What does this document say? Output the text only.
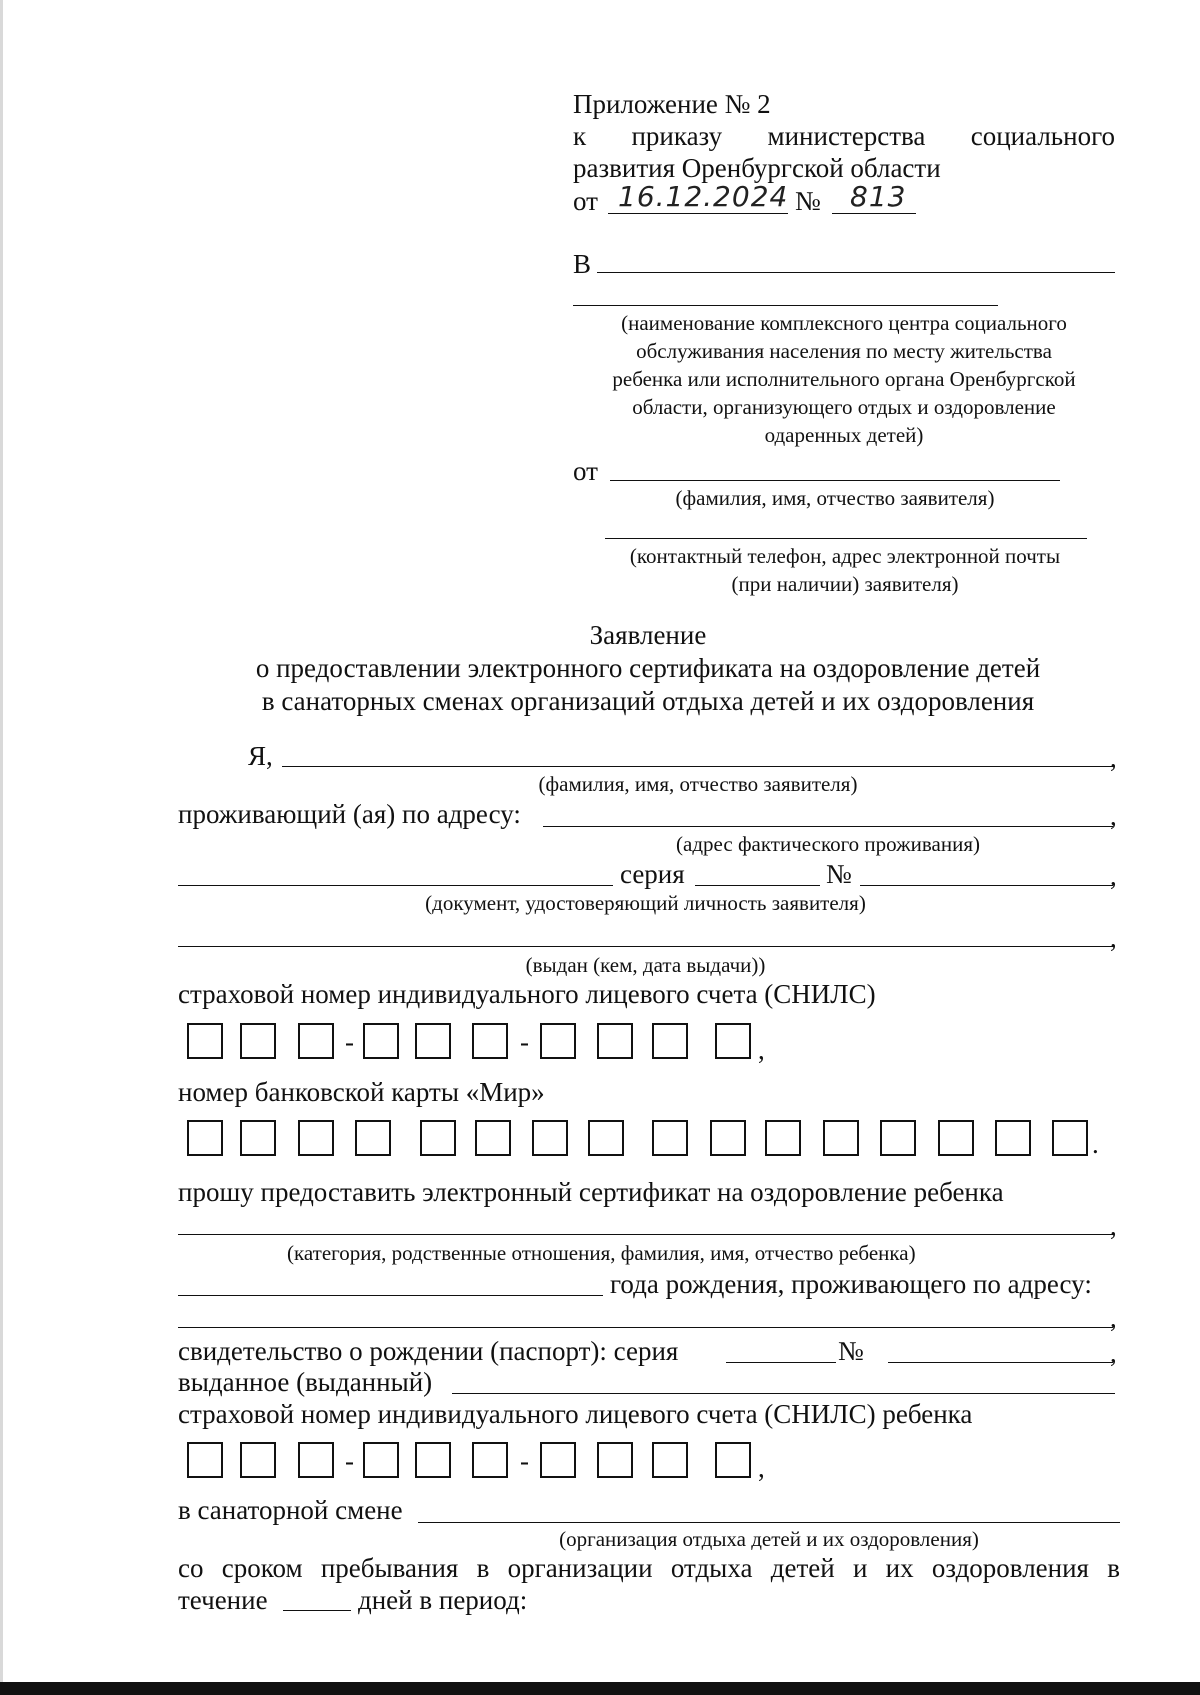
Приложение № 2
к приказу министерства социального
развития Оренбургской области
от 16.12.2024 № 813
В
(наименование комплексного центра социального
обслуживания населения по месту жительства
ребенка или исполнительного органа Оренбургской
области, организующего отдых и оздоровление
одаренных детей)
от
(фамилия, имя, отчество заявителя)
(контактный телефон, адрес электронной почты
(при наличии) заявителя)
Заявление
о предоставлении электронного сертификата на оздоровление детей
в санаторных сменах организаций отдыха детей и их оздоровления
Я,	,
(фамилия, имя, отчество заявителя)
проживающий (ая) по адресу:	,
(адрес фактического проживания)
серия	№	,
(документ, удостоверяющий личность заявителя)
,
(выдан (кем, дата выдачи))
страховой номер индивидуального лицевого счета (СНИЛС)
-	-	,
номер банковской карты «Мир»
.
прошу предоставить электронный сертификат на оздоровление ребенка
,
(категория, родственные отношения, фамилия, имя, отчество ребенка)
года рождения, проживающего по адресу:
,
свидетельство о рождении (паспорт): серия	№	,
выданное (выданный)
страховой номер индивидуального лицевого счета (СНИЛС) ребенка
-	-	,
в санаторной смене
(организация отдыха детей и их оздоровления)
со сроком пребывания в организации отдыха детей и их оздоровления в
течение	дней в период:
